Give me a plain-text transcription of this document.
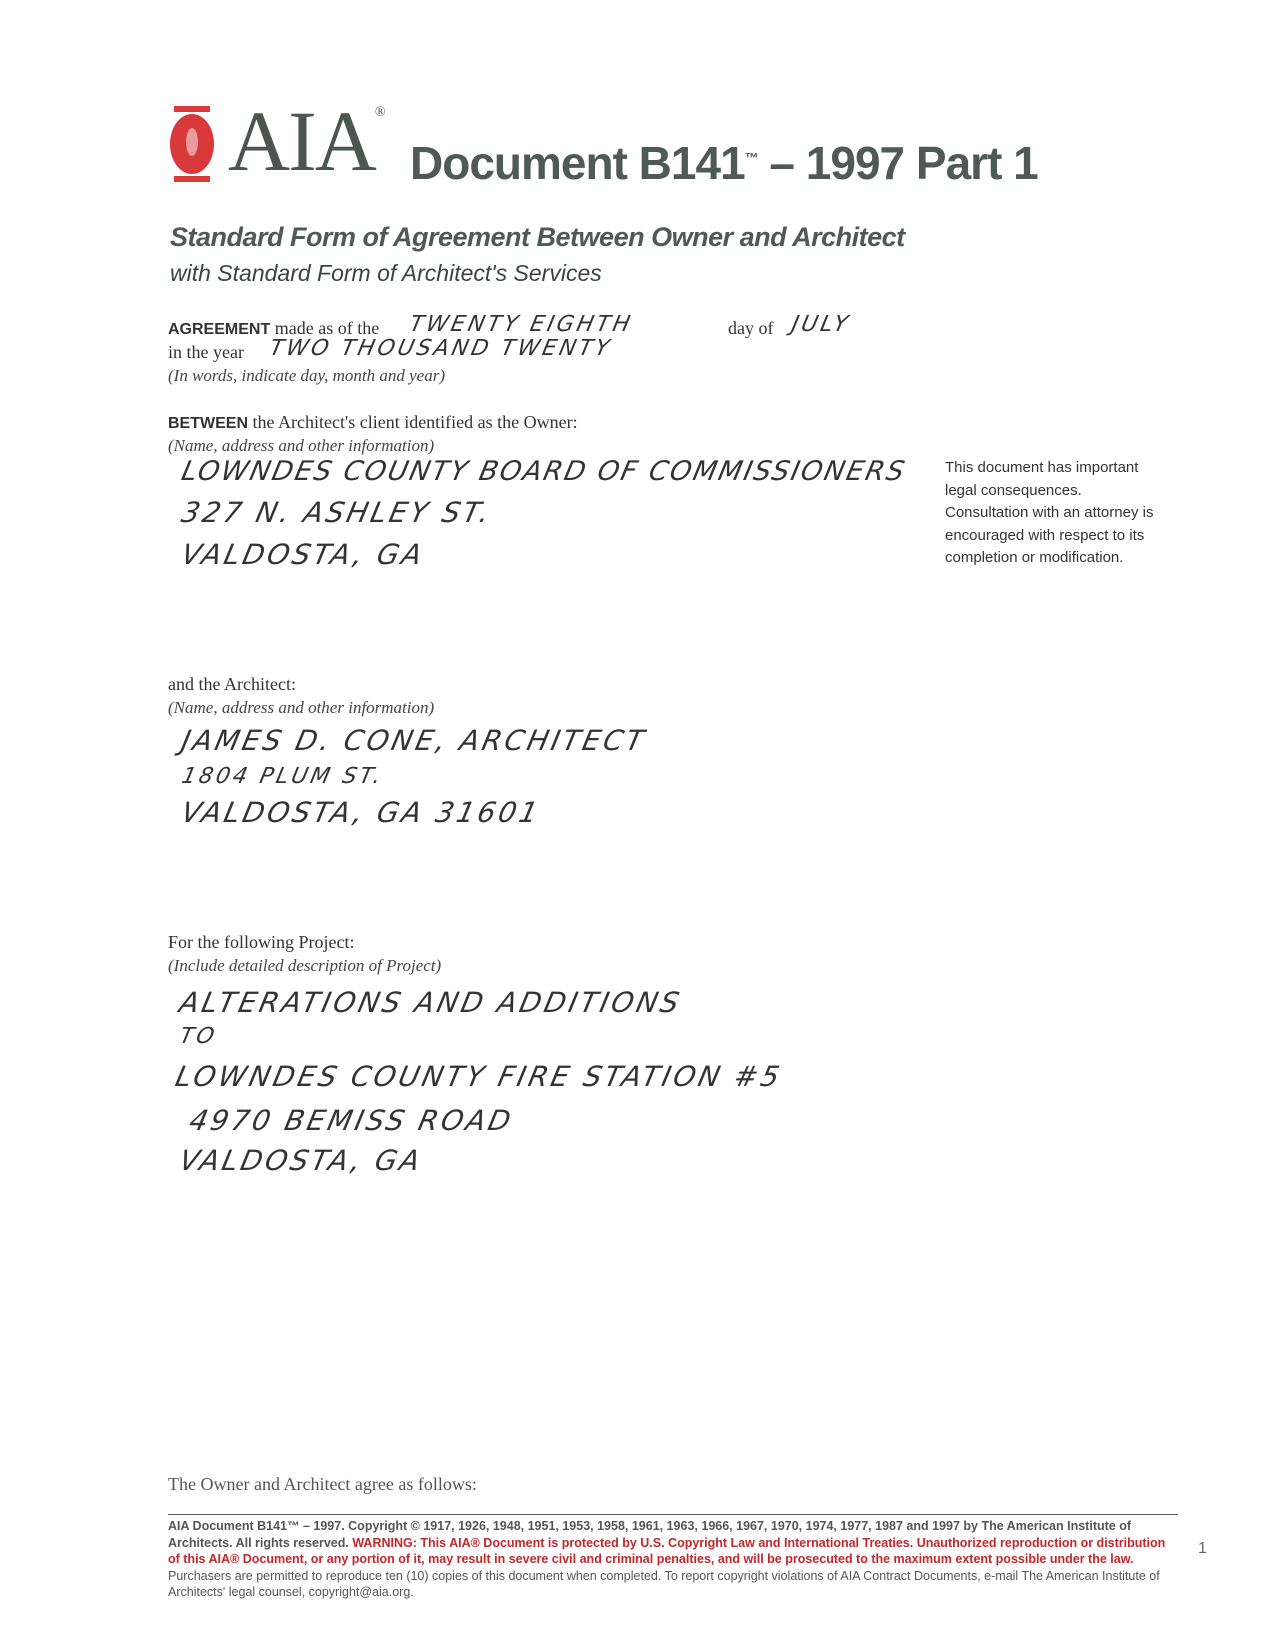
AIA®
Document B141™ – 1997 Part 1
Standard Form of Agreement Between Owner and Architect
with Standard Form of Architect's Services
AGREEMENT made as of the TWENTY EIGHTH	day of JULY
in the year TWO THOUSAND TWENTY
(In words, indicate day, month and year)
BETWEEN the Architect's client identified as the Owner:
(Name, address and other information)
LOWNDES COUNTY BOARD OF COMMISSIONERS
327 N. ASHLEY ST.
VALDOSTA, GA
This document has important legal consequences. Consultation with an attorney is encouraged with respect to its completion or modification.
and the Architect:
(Name, address and other information)
JAMES D. CONE, ARCHITECT
1804 PLUM ST.
VALDOSTA, GA 31601
For the following Project:
(Include detailed description of Project)
ALTERATIONS AND ADDITIONS
TO
LOWNDES COUNTY FIRE STATION #5
4970 BEMISS ROAD
VALDOSTA, GA
The Owner and Architect agree as follows:
AIA Document B141™ – 1997. Copyright © 1917, 1926, 1948, 1951, 1953, 1958, 1961, 1963, 1966, 1967, 1970, 1974, 1977, 1987 and 1997 by The American Institute of Architects. All rights reserved. WARNING: This AIA® Document is protected by U.S. Copyright Law and International Treaties. Unauthorized reproduction or distribution of this AIA® Document, or any portion of it, may result in severe civil and criminal penalties, and will be prosecuted to the maximum extent possible under the law. Purchasers are permitted to reproduce ten (10) copies of this document when completed. To report copyright violations of AIA Contract Documents, e-mail The American Institute of Architects' legal counsel, copyright@aia.org.
1
